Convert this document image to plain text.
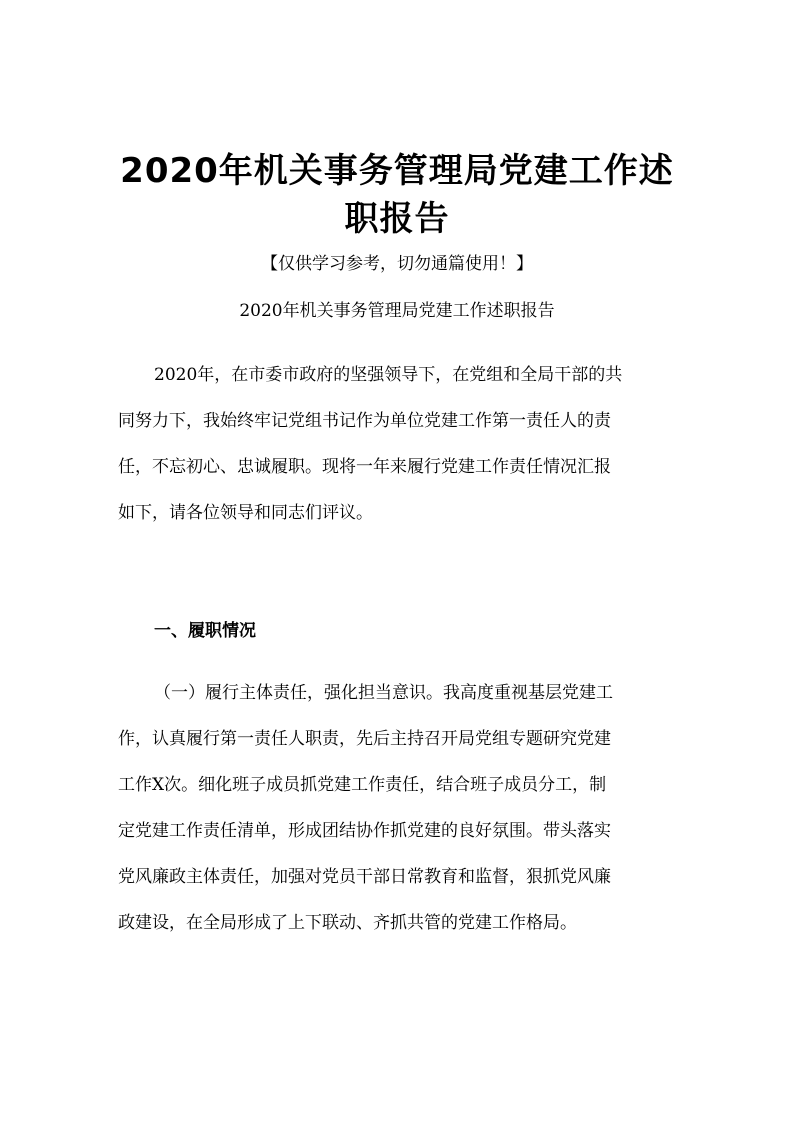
2020年机关事务管理局党建工作述
职报告
【仅供学习参考，切勿通篇使用！】
2020年机关事务管理局党建工作述职报告
2020年，在市委市政府的坚强领导下，在党组和全局干部的共
同努力下，我始终牢记党组书记作为单位党建工作第一责任人的责
任，不忘初心、忠诚履职。现将一年来履行党建工作责任情况汇报
如下，请各位领导和同志们评议。
一、履职情况
（一）履行主体责任，强化担当意识。我高度重视基层党建工
作，认真履行第一责任人职责，先后主持召开局党组专题研究党建
工作X次。细化班子成员抓党建工作责任，结合班子成员分工，制
定党建工作责任清单，形成团结协作抓党建的良好氛围。带头落实
党风廉政主体责任，加强对党员干部日常教育和监督，狠抓党风廉
政建设，在全局形成了上下联动、齐抓共管的党建工作格局。
